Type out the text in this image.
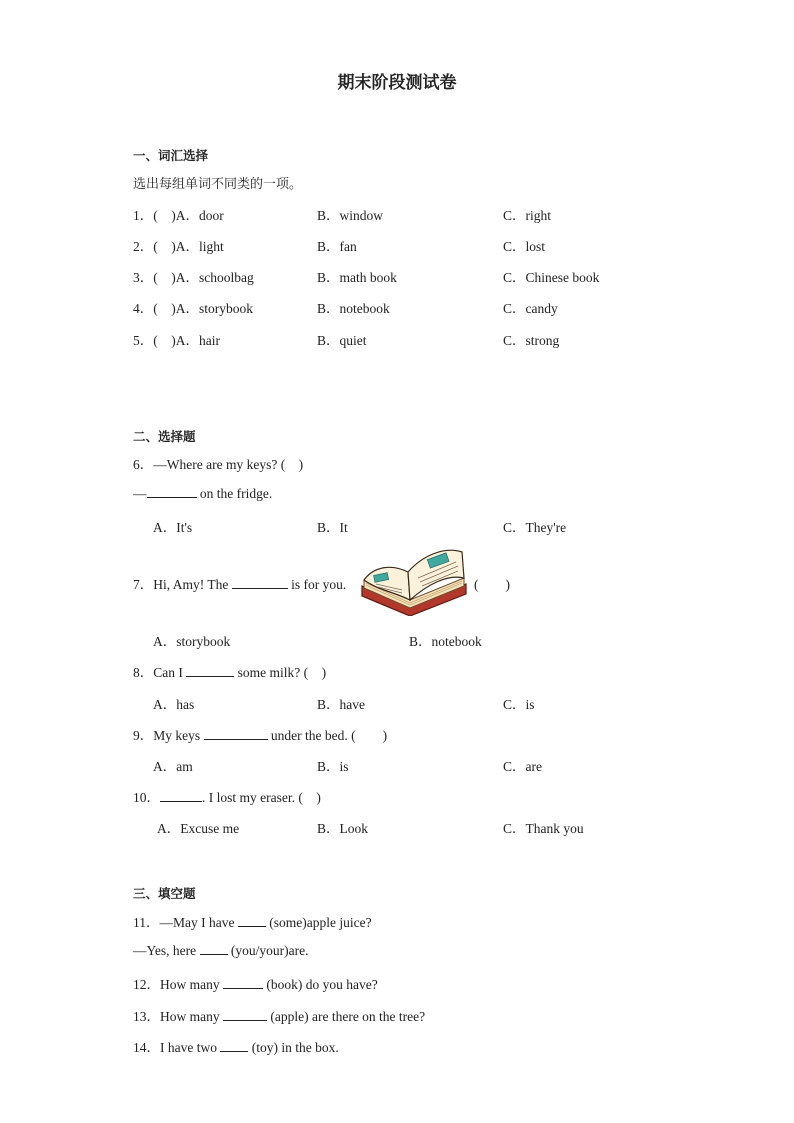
期末阶段测试卷
一、词汇选择
选出每组单词不同类的一项。
1．(　)A．door	B．window	C．right
2．(　)A．light	B．fan	C．lost
3．(　)A．schoolbag	B．math book	C．Chinese book
4．(　)A．storybook	B．notebook	C．candy
5．(　)A．hair	B．quiet	C．strong
二、选择题
6．—Where are my keys? (　)
—	on the fridge.
A．It's	B．It	C．They're
7．Hi, Amy! The	is for you.	(　　)
A．storybook	B．notebook
8．Can I	some milk? (　)
A．has	B．have	C．is
9．My keys	under the bed. (　　)
A．am	B．is	C．are
10．	. I lost my eraser. (　)
A．Excuse me	B．Look	C．Thank you
三、填空题
11．—May I have  (some)apple juice?
—Yes, here  (you/your)are.
12．How many	(book) do you have?
13．How many	(apple) are there on the tree?
14．I have two  (toy) in the box.
